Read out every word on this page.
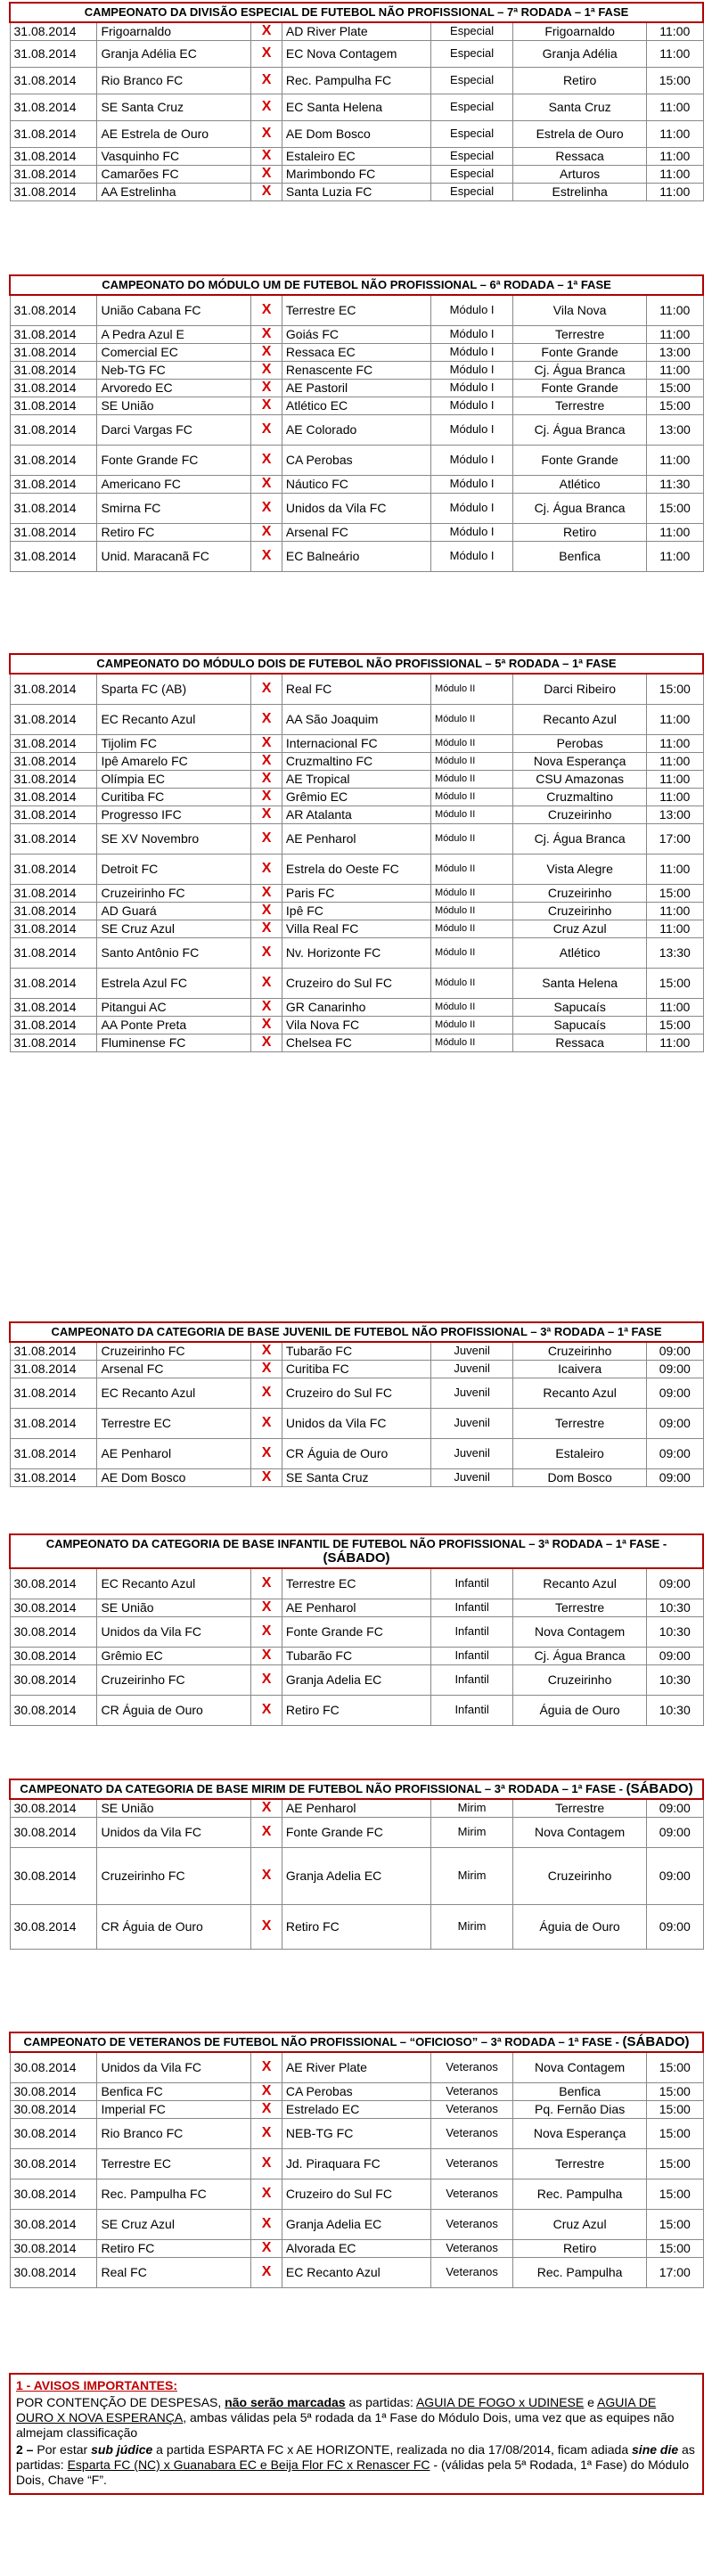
CAMPEONATO DA DIVISÃO ESPECIAL DE FUTEBOL NÃO PROFISSIONAL – 7ª RODADA – 1ª FASE						
31.08.2014	Frigoarnaldo	X	AD River Plate	Especial	Frigoarnaldo	11:00
31.08.2014	Granja Adélia EC	X	EC Nova Contagem	Especial	Granja Adélia	11:00
31.08.2014	Rio Branco FC	X	Rec. Pampulha FC	Especial	Retiro	15:00
31.08.2014	SE Santa Cruz	X	EC Santa Helena	Especial	Santa Cruz	11:00
31.08.2014	AE Estrela de Ouro	X	AE Dom Bosco	Especial	Estrela de Ouro	11:00
31.08.2014	Vasquinho FC	X	Estaleiro EC	Especial	Ressaca	11:00
31.08.2014	Camarões FC	X	Marimbondo FC	Especial	Arturos	11:00
31.08.2014	AA Estrelinha	X	Santa Luzia FC	Especial	Estrelinha	11:00
CAMPEONATO DO MÓDULO UM DE FUTEBOL NÃO PROFISSIONAL – 6ª RODADA – 1ª FASE						
31.08.2014	União Cabana FC	X	Terrestre EC	Módulo I	Vila Nova	11:00
31.08.2014	A Pedra Azul E	X	Goiás FC	Módulo I	Terrestre	11:00
31.08.2014	Comercial EC	X	Ressaca EC	Módulo I	Fonte Grande	13:00
31.08.2014	Neb-TG FC	X	Renascente FC	Módulo I	Cj. Água Branca	11:00
31.08.2014	Arvoredo EC	X	AE Pastoril	Módulo I	Fonte Grande	15:00
31.08.2014	SE União	X	Atlético EC	Módulo I	Terrestre	15:00
31.08.2014	Darci Vargas FC	X	AE Colorado	Módulo I	Cj. Água Branca	13:00
31.08.2014	Fonte Grande FC	X	CA Perobas	Módulo I	Fonte Grande	11:00
31.08.2014	Americano FC	X	Náutico FC	Módulo I	Atlético	11:30
31.08.2014	Smirna FC	X	Unidos da Vila FC	Módulo I	Cj. Água Branca	15:00
31.08.2014	Retiro FC	X	Arsenal FC	Módulo I	Retiro	11:00
31.08.2014	Unid. Maracanã FC	X	EC Balneário	Módulo I	Benfica	11:00
CAMPEONATO DO MÓDULO DOIS DE FUTEBOL NÃO PROFISSIONAL – 5ª RODADA – 1ª FASE						
31.08.2014	Sparta FC (AB)	X	Real FC	Módulo II	Darci Ribeiro	15:00
31.08.2014	EC Recanto Azul	X	AA São Joaquim	Módulo II	Recanto Azul	11:00
31.08.2014	Tijolim FC	X	Internacional FC	Módulo II	Perobas	11:00
31.08.2014	Ipê Amarelo FC	X	Cruzmaltino FC	Módulo II	Nova Esperança	11:00
31.08.2014	Olímpia EC	X	AE Tropical	Módulo II	CSU Amazonas	11:00
31.08.2014	Curitiba FC	X	Grêmio EC	Módulo II	Cruzmaltino	11:00
31.08.2014	Progresso IFC	X	AR Atalanta	Módulo II	Cruzeirinho	13:00
31.08.2014	SE XV Novembro	X	AE Penharol	Módulo II	Cj. Água Branca	17:00
31.08.2014	Detroit FC	X	Estrela do Oeste FC	Módulo II	Vista Alegre	11:00
31.08.2014	Cruzeirinho FC	X	Paris FC	Módulo II	Cruzeirinho	15:00
31.08.2014	AD Guará	X	Ipê FC	Módulo II	Cruzeirinho	11:00
31.08.2014	SE Cruz Azul	X	Villa Real FC	Módulo II	Cruz Azul	11:00
31.08.2014	Santo Antônio FC	X	Nv. Horizonte FC	Módulo II	Atlético	13:30
31.08.2014	Estrela Azul FC	X	Cruzeiro do Sul FC	Módulo II	Santa Helena	15:00
31.08.2014	Pitangui AC	X	GR Canarinho	Módulo II	Sapucaís	11:00
31.08.2014	AA Ponte Preta	X	Vila Nova FC	Módulo II	Sapucaís	15:00
31.08.2014	Fluminense FC	X	Chelsea FC	Módulo II	Ressaca	11:00
CAMPEONATO DA CATEGORIA DE BASE JUVENIL DE FUTEBOL NÃO PROFISSIONAL – 3ª RODADA – 1ª FASE						
31.08.2014	Cruzeirinho FC	X	Tubarão FC	Juvenil	Cruzeirinho	09:00
31.08.2014	Arsenal FC	X	Curitiba FC	Juvenil	Icaivera	09:00
31.08.2014	EC Recanto Azul	X	Cruzeiro do Sul FC	Juvenil	Recanto Azul	09:00
31.08.2014	Terrestre EC	X	Unidos da Vila FC	Juvenil	Terrestre	09:00
31.08.2014	AE Penharol	X	CR Águia de Ouro	Juvenil	Estaleiro	09:00
31.08.2014	AE Dom Bosco	X	SE Santa Cruz	Juvenil	Dom Bosco	09:00
CAMPEONATO DA CATEGORIA DE BASE INFANTIL DE FUTEBOL NÃO PROFISSIONAL – 3ª RODADA – 1ª FASE - (SÁBADO)						
30.08.2014	EC Recanto Azul	X	Terrestre EC	Infantil	Recanto Azul	09:00
30.08.2014	SE União	X	AE Penharol	Infantil	Terrestre	10:30
30.08.2014	Unidos da Vila FC	X	Fonte Grande FC	Infantil	Nova Contagem	10:30
30.08.2014	Grêmio EC	X	Tubarão FC	Infantil	Cj. Água Branca	09:00
30.08.2014	Cruzeirinho FC	X	Granja Adelia EC	Infantil	Cruzeirinho	10:30
30.08.2014	CR Águia de Ouro	X	Retiro FC	Infantil	Águia de Ouro	10:30
CAMPEONATO DA CATEGORIA DE BASE MIRIM DE FUTEBOL NÃO PROFISSIONAL – 3ª RODADA – 1ª FASE - (SÁBADO)						
30.08.2014	SE União	X	AE Penharol	Mirim	Terrestre	09:00
30.08.2014	Unidos da Vila FC	X	Fonte Grande FC	Mirim	Nova Contagem	09:00
30.08.2014	Cruzeirinho FC	X	Granja Adelia EC	Mirim	Cruzeirinho	09:00
30.08.2014	CR Águia de Ouro	X	Retiro FC	Mirim	Águia de Ouro	09:00
CAMPEONATO DE VETERANOS DE FUTEBOL NÃO PROFISSIONAL – “OFICIOSO” – 3ª RODADA – 1ª FASE - (SÁBADO)						
30.08.2014	Unidos da Vila FC	X	AE River Plate	Veteranos	Nova Contagem	15:00
30.08.2014	Benfica FC	X	CA Perobas	Veteranos	Benfica	15:00
30.08.2014	Imperial FC	X	Estrelado EC	Veteranos	Pq. Fernão Dias	15:00
30.08.2014	Rio Branco FC	X	NEB-TG FC	Veteranos	Nova Esperança	15:00
30.08.2014	Terrestre EC	X	Jd. Piraquara FC	Veteranos	Terrestre	15:00
30.08.2014	Rec. Pampulha FC	X	Cruzeiro do Sul FC	Veteranos	Rec. Pampulha	15:00
30.08.2014	SE Cruz Azul	X	Granja Adelia EC	Veteranos	Cruz Azul	15:00
30.08.2014	Retiro FC	X	Alvorada EC	Veteranos	Retiro	15:00
30.08.2014	Real FC	X	EC Recanto Azul	Veteranos	Rec. Pampulha	17:00

1 - AVISOS IMPORTANTES:

POR CONTENÇÃO DE DESPESAS, não serão marcadas as partidas: AGUIA DE FOGO x UDINESE e AGUIA DE OURO X NOVA ESPERANÇA, ambas válidas pela 5ª rodada da 1ª Fase do Módulo Dois, uma vez que as equipes não almejam classificação

2 – Por estar sub júdice a partida ESPARTA FC x AE HORIZONTE, realizada no dia 17/08/2014, ficam adiada sine die as partidas: Esparta FC (NC) x Guanabara EC e Beija Flor FC x Renascer FC - (válidas pela 5ª Rodada, 1ª Fase) do Módulo Dois, Chave “F”.
